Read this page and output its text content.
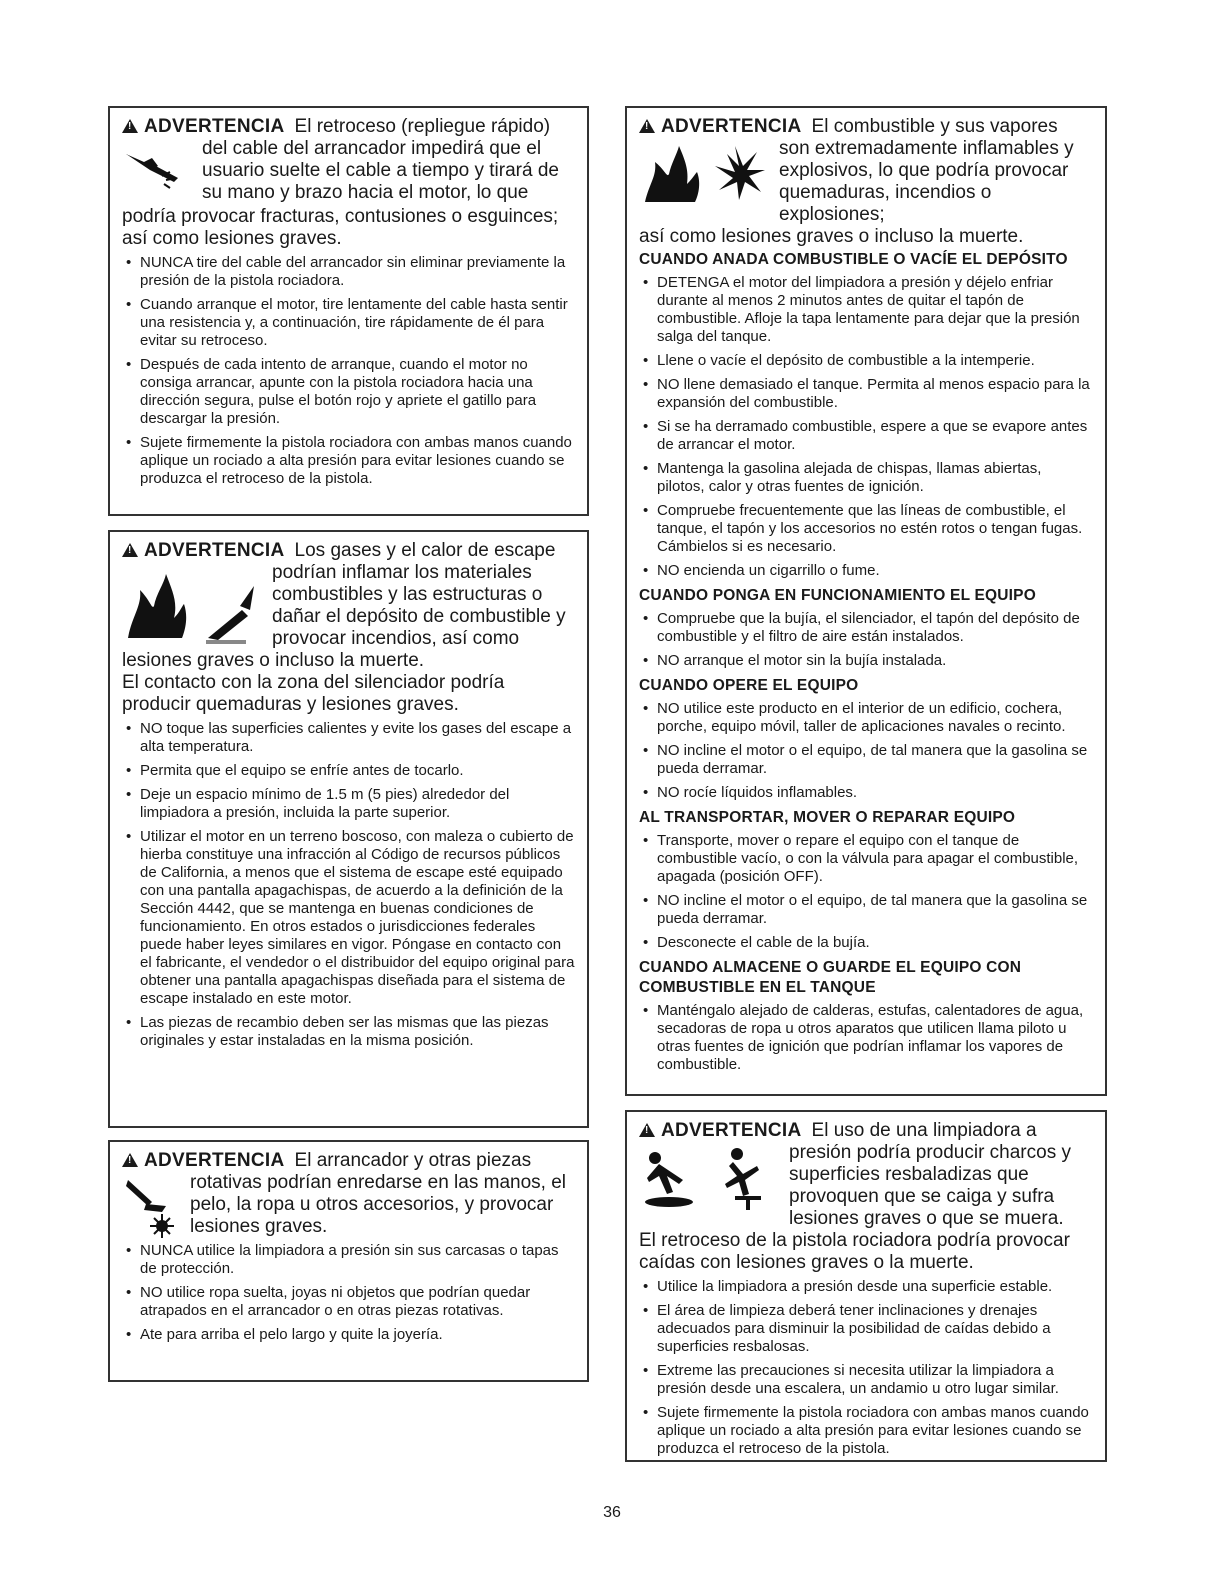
!ADVERTENCIA El retroceso (repliegue rápido)
del cable del arrancador impedirá que el usuario suelte el cable a tiempo y tirará de su mano y brazo hacia el motor, lo que
podría provocar fracturas, contusiones o esguinces; así como lesiones graves.
• NUNCA tire del cable del arrancador sin eliminar previamente la presión de la pistola rociadora.
• Cuando arranque el motor, tire lentamente del cable hasta sentir una resistencia y, a continuación, tire rápidamente de él para evitar su retroceso.
• Después de cada intento de arranque, cuando el motor no consiga arrancar, apunte con la pistola rociadora hacia una dirección segura, pulse el botón rojo y apriete el gatillo para descargar la presión.
• Sujete firmemente la pistola rociadora con ambas manos cuando aplique un rociado a alta presión para evitar lesiones cuando se produzca el retroceso de la pistola.
!ADVERTENCIA Los gases y el calor de escape
podrían inflamar los materiales combustibles y las estructuras o dañar el depósito de combustible y provocar incendios, así como
lesiones graves o incluso la muerte.
El contacto con la zona del silenciador podría producir quemaduras y lesiones graves.
• NO toque las superficies calientes y evite los gases del escape a alta temperatura.
• Permita que el equipo se enfríe antes de tocarlo.
• Deje un espacio mínimo de 1.5 m (5 pies) alrededor del limpiadora a presión, incluida la parte superior.
• Utilizar el motor en un terreno boscoso, con maleza o cubierto de hierba constituye una infracción al Código de recursos públicos de California, a menos que el sistema de escape esté equipado con una pantalla apagachispas, de acuerdo a la definición de la Sección 4442, que se mantenga en buenas condiciones de funcionamiento. En otros estados o jurisdicciones federales puede haber leyes similares en vigor. Póngase en contacto con el fabricante, el vendedor o el distribuidor del equipo original para obtener una pantalla apagachispas diseñada para el sistema de escape instalado en este motor.
• Las piezas de recambio deben ser las mismas que las piezas originales y estar instaladas en la misma posición.
!ADVERTENCIA El arrancador y otras piezas
rotativas podrían enredarse en las manos, el pelo, la ropa u otros accesorios, y provocar lesiones graves.
• NUNCA utilice la limpiadora a presión sin sus carcasas o tapas de protección.
• NO utilice ropa suelta, joyas ni objetos que podrían quedar atrapados en el arrancador o en otras piezas rotativas.
• Ate para arriba el pelo largo y quite la joyería.
!ADVERTENCIA El combustible y sus vapores
son extremadamente inflamables y explosivos, lo que podría provocar quemaduras, incendios o explosiones;
así como lesiones graves o incluso la muerte.
CUANDO ANADA COMBUSTIBLE O VACÍE EL DEPÓSITO
• DETENGA el motor del limpiadora a presión y déjelo enfriar durante al menos 2 minutos antes de quitar el tapón de combustible. Afloje la tapa lentamente para dejar que la presión salga del tanque.
• Llene o vacíe el depósito de combustible a la intemperie.
• NO llene demasiado el tanque. Permita al menos espacio para la expansión del combustible.
• Si se ha derramado combustible, espere a que se evapore antes de arrancar el motor.
• Mantenga la gasolina alejada de chispas, llamas abiertas, pilotos, calor y otras fuentes de ignición.
• Compruebe frecuentemente que las líneas de combustible, el tanque, el tapón y los accesorios no estén rotos o tengan fugas. Cámbielos si es necesario.
• NO encienda un cigarrillo o fume.
CUANDO PONGA EN FUNCIONAMIENTO EL EQUIPO
• Compruebe que la bujía, el silenciador, el tapón del depósito de combustible y el filtro de aire están instalados.
• NO arranque el motor sin la bujía instalada.
CUANDO OPERE EL EQUIPO
• NO utilice este producto en el interior de un edificio, cochera, porche, equipo móvil, taller de aplicaciones navales o recinto.
• NO incline el motor o el equipo, de tal manera que la gasolina se pueda derramar.
• NO rocíe líquidos inflamables.
AL TRANSPORTAR, MOVER O REPARAR EQUIPO
• Transporte, mover o repare el equipo con el tanque de combustible vacío, o con la válvula para apagar el combustible, apagada (posición OFF).
• NO incline el motor o el equipo, de tal manera que la gasolina se pueda derramar.
• Desconecte el cable de la bujía.
CUANDO ALMACENE O GUARDE EL EQUIPO CON COMBUSTIBLE EN EL TANQUE
• Manténgalo alejado de calderas, estufas, calentadores de agua, secadoras de ropa u otros aparatos que utilicen llama piloto u otras fuentes de ignición que podrían inflamar los vapores de combustible.
!ADVERTENCIA El uso de una limpiadora a
presión podría producir charcos y superficies resbaladizas que provoquen que se caiga y sufra lesiones graves o que se muera.
El retroceso de la pistola rociadora podría provocar caídas con lesiones graves o la muerte.
• Utilice la limpiadora a presión desde una superficie estable.
• El área de limpieza deberá tener inclinaciones y drenajes adecuados para disminuir la posibilidad de caídas debido a superficies resbalosas.
• Extreme las precauciones si necesita utilizar la limpiadora a presión desde una escalera, un andamio u otro lugar similar.
• Sujete firmemente la pistola rociadora con ambas manos cuando aplique un rociado a alta presión para evitar lesiones cuando se produzca el retroceso de la pistola.
36
